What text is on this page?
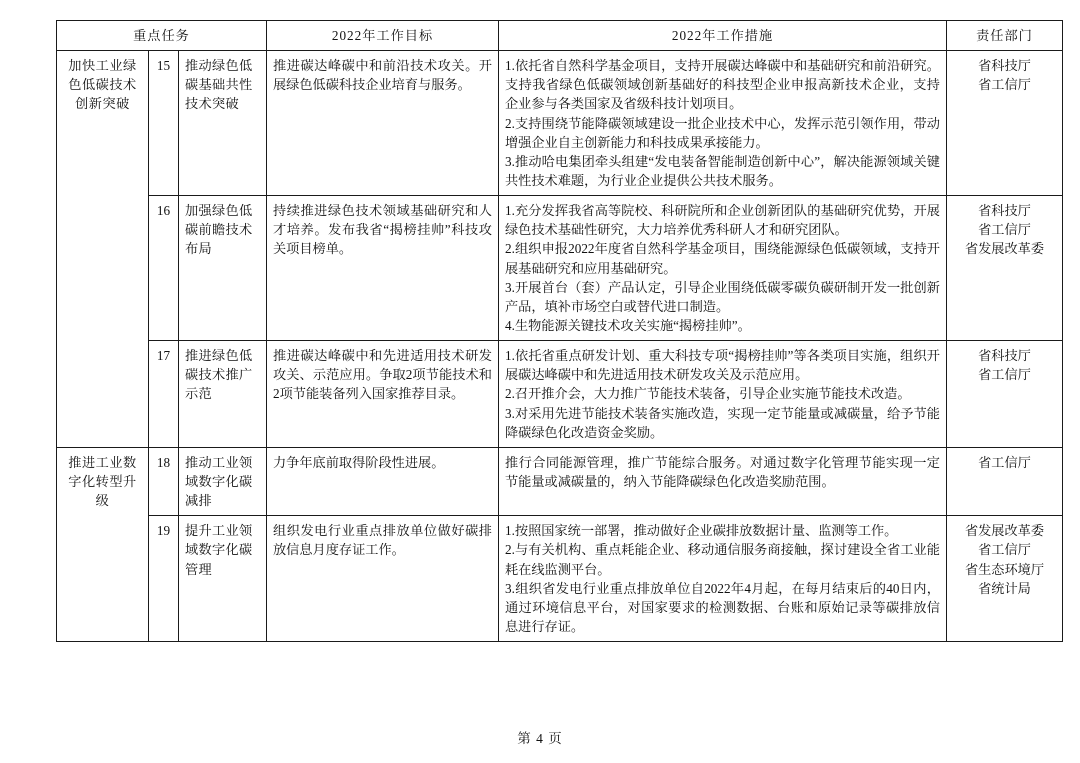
重点任务			2022年工作目标	2022年工作措施	责任部门
加快工业绿色低碳技术创新突破	15	推动绿色低碳基础共性技术突破	推进碳达峰碳中和前沿技术攻关。开展绿色低碳科技企业培育与服务。	1.依托省自然科学基金项目，支持开展碳达峰碳中和基础研究和前沿研究。支持我省绿色低碳领域创新基础好的科技型企业申报高新技术企业，支持企业参与各类国家及省级科技计划项目。
2.支持围绕节能降碳领域建设一批企业技术中心，发挥示范引领作用，带动增强企业自主创新能力和科技成果承接能力。
3.推动哈电集团牵头组建“发电装备智能制造创新中心”，解决能源领域关键共性技术难题，为行业企业提供公共技术服务。	省科技厅
省工信厅

	16	加强绿色低碳前瞻技术布局	持续推进绿色技术领域基础研究和人才培养。发布我省“揭榜挂帅”科技攻关项目榜单。	1.充分发挥我省高等院校、科研院所和企业创新团队的基础研究优势，开展绿色技术基础性研究，大力培养优秀科研人才和研究团队。
2.组织申报2022年度省自然科学基金项目，围绕能源绿色低碳领域，支持开展基础研究和应用基础研究。
3.开展首台（套）产品认定，引导企业围绕低碳零碳负碳研制开发一批创新产品，填补市场空白或替代进口制造。
4.生物能源关键技术攻关实施“揭榜挂帅”。	省科技厅
省工信厅
省发展改革委

	17	推进绿色低碳技术推广示范	推进碳达峰碳中和先进适用技术研发攻关、示范应用。争取2项节能技术和2项节能装备列入国家推荐目录。	1.依托省重点研发计划、重大科技专项“揭榜挂帅”等各类项目实施，组织开展碳达峰碳中和先进适用技术研发攻关及示范应用。
2.召开推介会，大力推广节能技术装备，引导企业实施节能技术改造。
3.对采用先进节能技术装备实施改造，实现一定节能量或减碳量，给予节能降碳绿色化改造资金奖励。	省科技厅
省工信厅

推进工业数字化转型升级	18	推动工业领域数字化碳减排	力争年底前取得阶段性进展。	推行合同能源管理，推广节能综合服务。对通过数字化管理节能实现一定节能量或减碳量的，纳入节能降碳绿色化改造奖励范围。	省工信厅

	19	提升工业领域数字化碳管理	组织发电行业重点排放单位做好碳排放信息月度存证工作。	1.按照国家统一部署，推动做好企业碳排放数据计量、监测等工作。
2.与有关机构、重点耗能企业、移动通信服务商接触，探讨建设全省工业能耗在线监测平台。
3.组织省发电行业重点排放单位自2022年4月起，在每月结束后的40日内，通过环境信息平台，对国家要求的检测数据、台账和原始记录等碳排放信息进行存证。	省发展改革委
省工信厅
省生态环境厅
省统计局
第 4 页
